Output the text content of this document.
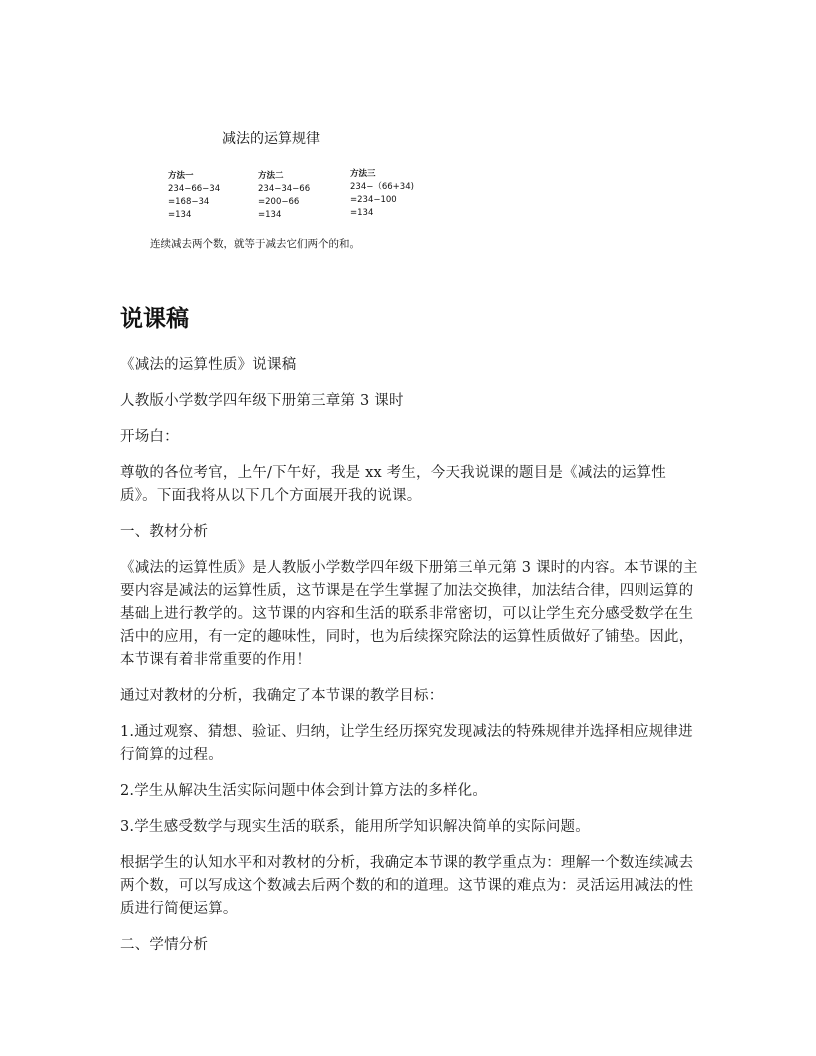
减法的运算规律
方法一
234−66−34
=168−34
=134
方法二
234−34−66
=200−66
=134
方法三
234−（66+34)
=234−100
=134
连续减去两个数，就等于减去它们两个的和。
说课稿

《减法的运算性质》说课稿

人教版小学数学四年级下册第三章第 3 课时

开场白：

尊敬的各位考官，上午/下午好，我是 xx 考生，今天我说课的题目是《减法的运算性质》。下面我将从以下几个方面展开我的说课。

一、教材分析

《减法的运算性质》是人教版小学数学四年级下册第三单元第 3 课时的内容。本节课的主要内容是减法的运算性质，这节课是在学生掌握了加法交换律，加法结合律，四则运算的基础上进行教学的。这节课的内容和生活的联系非常密切，可以让学生充分感受数学在生活中的应用，有一定的趣味性，同时，也为后续探究除法的运算性质做好了铺垫。因此，本节课有着非常重要的作用！

通过对教材的分析，我确定了本节课的教学目标：

1.通过观察、猜想、验证、归纳，让学生经历探究发现减法的特殊规律并选择相应规律进行简算的过程。

2.学生从解决生活实际问题中体会到计算方法的多样化。

3.学生感受数学与现实生活的联系，能用所学知识解决简单的实际问题。

根据学生的认知水平和对教材的分析，我确定本节课的教学重点为：理解一个数连续减去两个数，可以写成这个数减去后两个数的和的道理。这节课的难点为：灵活运用减法的性质进行简便运算。

二、学情分析
